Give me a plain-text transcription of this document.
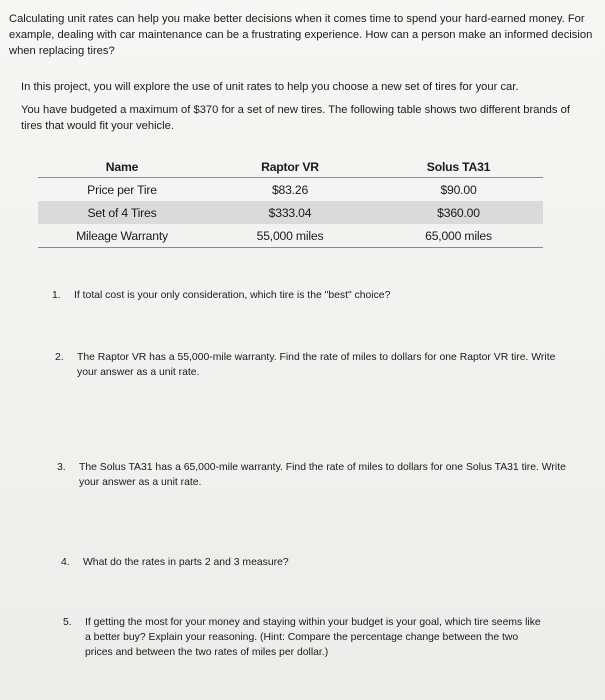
Calculating unit rates can help you make better decisions when it comes time to spend your hard-earned money. For example, dealing with car maintenance can be a frustrating experience. How can a person make an informed decision when replacing tires?

In this project, you will explore the use of unit rates to help you choose a new set of tires for your car.

You have budgeted a maximum of $370 for a set of new tires. The following table shows two different brands of tires that would fit your vehicle.

Name	Raptor VR	Solus TA31
Price per Tire	$83.26	$90.00
Set of 4 Tires	$333.04	$360.00
Mileage Warranty	55,000 miles	65,000 miles
1. If total cost is your only consideration, which tire is the "best" choice?
2. The Raptor VR has a 55,000-mile warranty. Find the rate of miles to dollars for one Raptor VR tire. Write your answer as a unit rate.
3. The Solus TA31 has a 65,000-mile warranty. Find the rate of miles to dollars for one Solus TA31 tire. Write your answer as a unit rate.
4. What do the rates in parts 2 and 3 measure?
5. If getting the most for your money and staying within your budget is your goal, which tire seems like a better buy? Explain your reasoning. (Hint: Compare the percentage change between the two prices and between the two rates of miles per dollar.)
